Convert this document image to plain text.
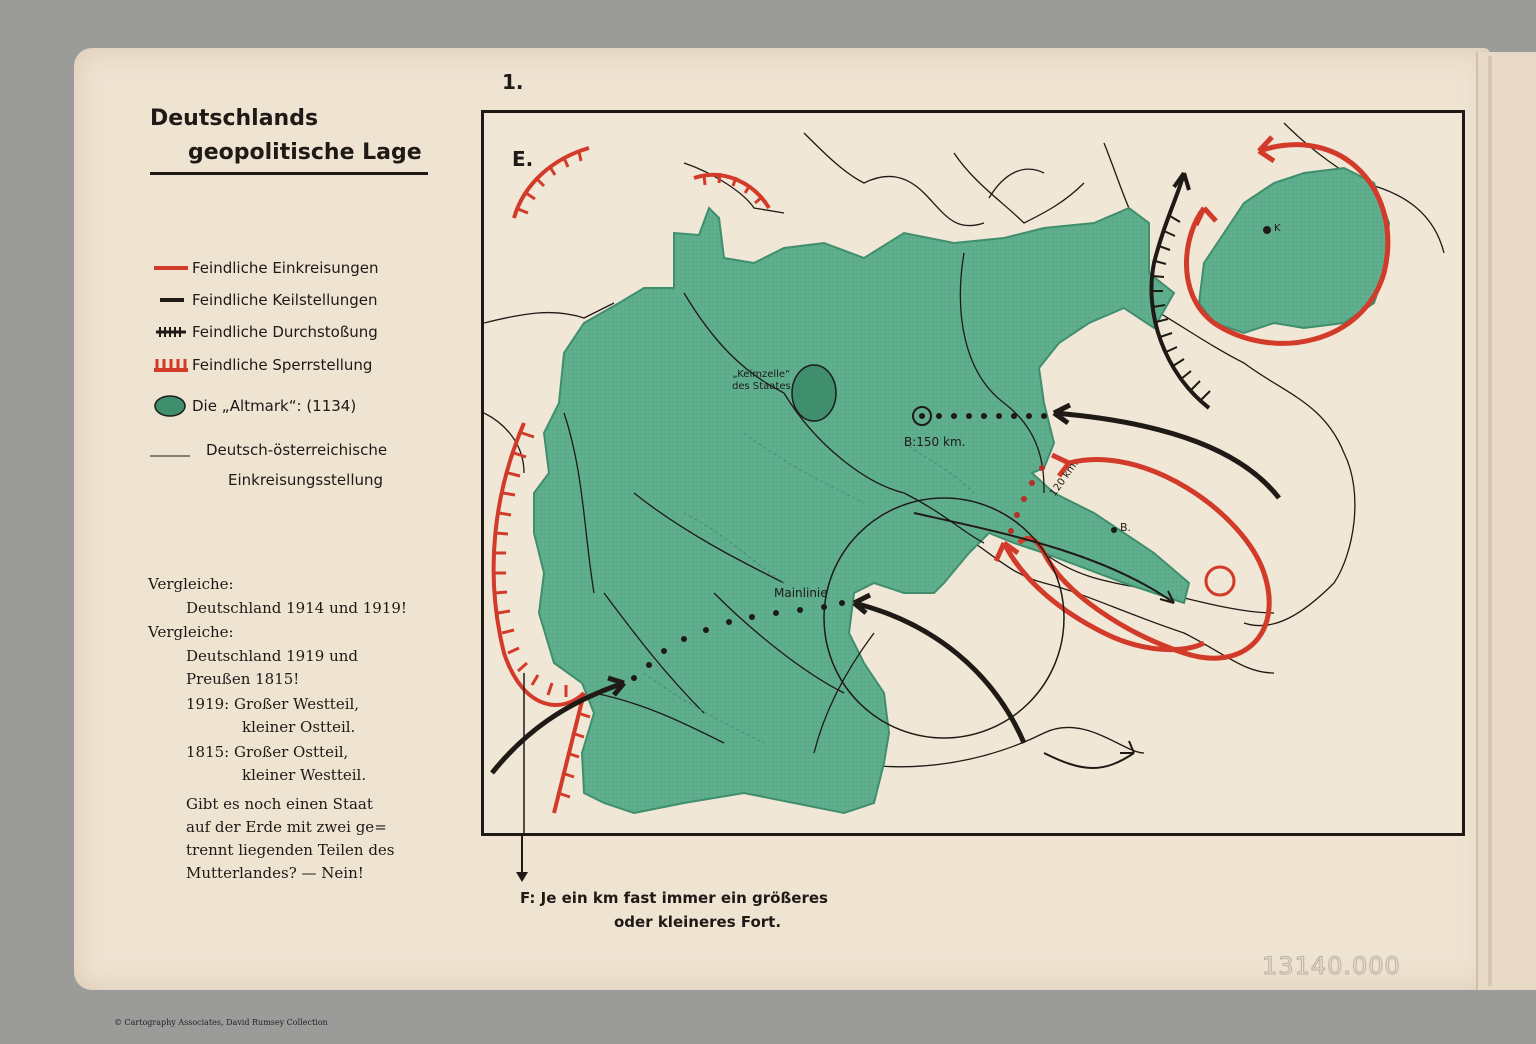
Deutschlands
geopolitische Lage
Feindliche Einkreisungen
Feindliche Keilstellungen
Feindliche Durchstoßung
Feindliche Sperrstellung
Die „Altmark“: (1134)
Deutsch‑österreichische
Einkreisungsstellung
Vergleiche:
Deutschland 1914 und 1919!
Vergleiche:
Deutschland 1919 und
Preußen 1815!
1919: Großer Westteil,
kleiner Ostteil.
1815: Großer Ostteil,
kleiner Westteil.
Gibt es noch einen Staat
auf der Erde mit zwei ge=
trennt liegenden Teilen des
Mutterlandes? — Nein!
1.
E.
„Keimzelle“
des Staates
B:150 km.
120 km.
B.
K
Mainlinie
F: Je ein km fast immer ein größeres
oder kleineres Fort.
13140.000
© Cartography Associates, David Rumsey Collection
